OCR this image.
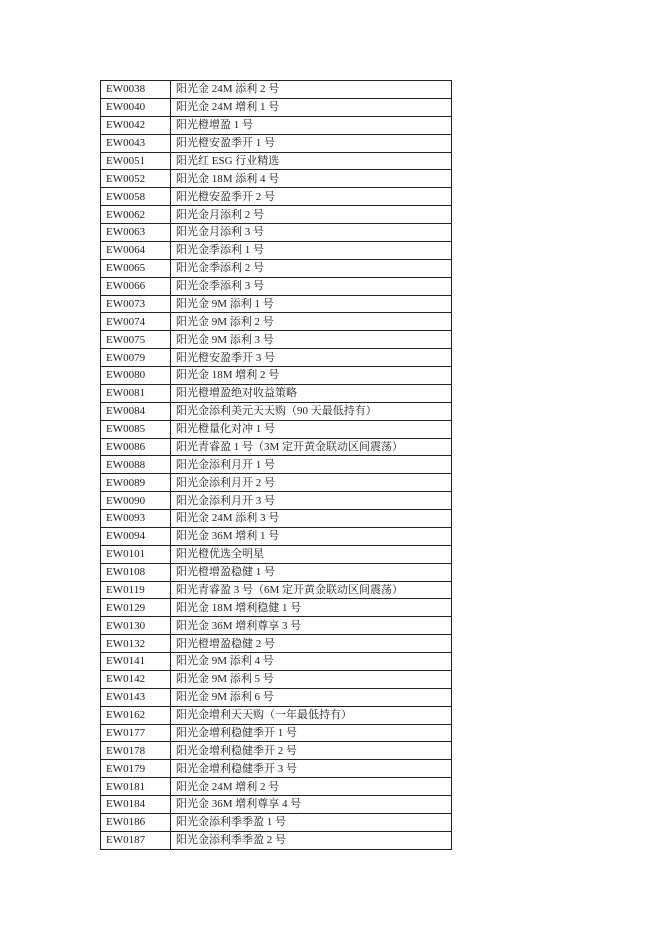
EW0038	阳光金 24M 添利 2 号
EW0040	阳光金 24M 增利 1 号
EW0042	阳光橙增盈 1 号
EW0043	阳光橙安盈季开 1 号
EW0051	阳光红 ESG 行业精选
EW0052	阳光金 18M 添利 4 号
EW0058	阳光橙安盈季开 2 号
EW0062	阳光金月添利 2 号
EW0063	阳光金月添利 3 号
EW0064	阳光金季添利 1 号
EW0065	阳光金季添利 2 号
EW0066	阳光金季添利 3 号
EW0073	阳光金 9M 添利 1 号
EW0074	阳光金 9M 添利 2 号
EW0075	阳光金 9M 添利 3 号
EW0079	阳光橙安盈季开 3 号
EW0080	阳光金 18M 增利 2 号
EW0081	阳光橙增盈绝对收益策略
EW0084	阳光金添利美元天天购（90 天最低持有）
EW0085	阳光橙量化对冲 1 号
EW0086	阳光青睿盈 1 号（3M 定开黄金联动区间震荡）
EW0088	阳光金添利月开 1 号
EW0089	阳光金添利月开 2 号
EW0090	阳光金添利月开 3 号
EW0093	阳光金 24M 添利 3 号
EW0094	阳光金 36M 增利 1 号
EW0101	阳光橙优选全明星
EW0108	阳光橙增盈稳健 1 号
EW0119	阳光青睿盈 3 号（6M 定开黄金联动区间震荡）
EW0129	阳光金 18M 增利稳健 1 号
EW0130	阳光金 36M 增利尊享 3 号
EW0132	阳光橙增盈稳健 2 号
EW0141	阳光金 9M 添利 4 号
EW0142	阳光金 9M 添利 5 号
EW0143	阳光金 9M 添利 6 号
EW0162	阳光金增利天天购（一年最低持有）
EW0177	阳光金增利稳健季开 1 号
EW0178	阳光金增利稳健季开 2 号
EW0179	阳光金增利稳健季开 3 号
EW0181	阳光金 24M 增利 2 号
EW0184	阳光金 36M 增利尊享 4 号
EW0186	阳光金添利季季盈 1 号
EW0187	阳光金添利季季盈 2 号
